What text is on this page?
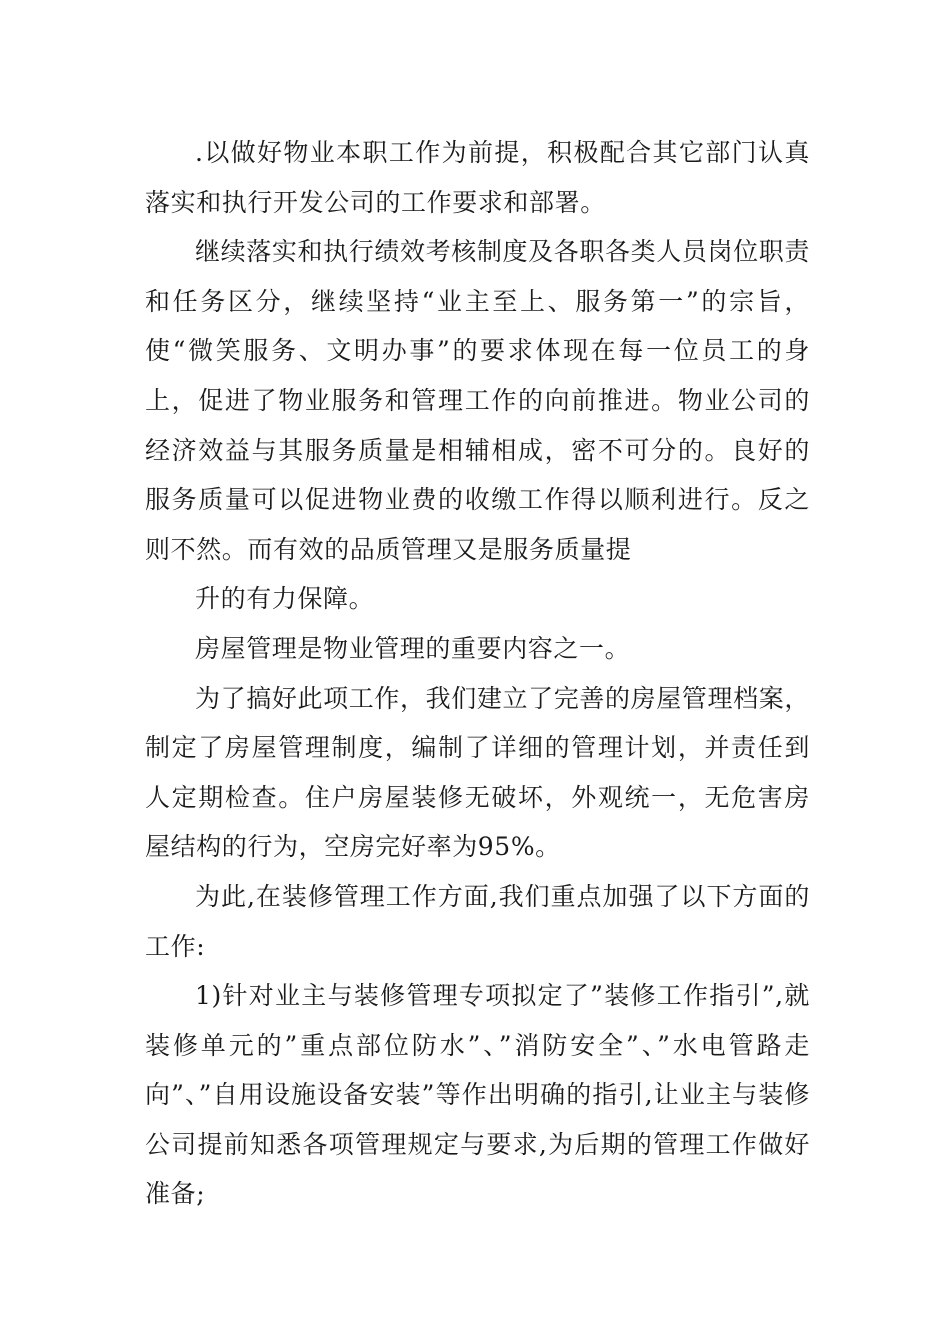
.以做好物业本职工作为前提，积极配合其它部门认真落实和执行开发公司的工作要求和部署。

继续落实和执行绩效考核制度及各职各类人员岗位职责和任务区分，继续坚持“业主至上、服务第一”的宗旨，使“微笑服务、文明办事”的要求体现在每一位员工的身上，促进了物业服务和管理工作的向前推进。物业公司的经济效益与其服务质量是相辅相成，密不可分的。良好的服务质量可以促进物业费的收缴工作得以顺利进行。反之则不然。而有效的品质管理又是服务质量提

升的有力保障。

房屋管理是物业管理的重要内容之一。

为了搞好此项工作，我们建立了完善的房屋管理档案，制定了房屋管理制度，编制了详细的管理计划，并责任到人定期检查。住户房屋装修无破坏，外观统一，无危害房屋结构的行为，空房完好率为95%。

为此,在装修管理工作方面,我们重点加强了以下方面的工作:

1)针对业主与装修管理专项拟定了”装修工作指引”,就装修单元的”重点部位防水”、”消防安全”、”水电管路走向”、”自用设施设备安装”等作出明确的指引,让业主与装修公司提前知悉各项管理规定与要求,为后期的管理工作做好准备;
